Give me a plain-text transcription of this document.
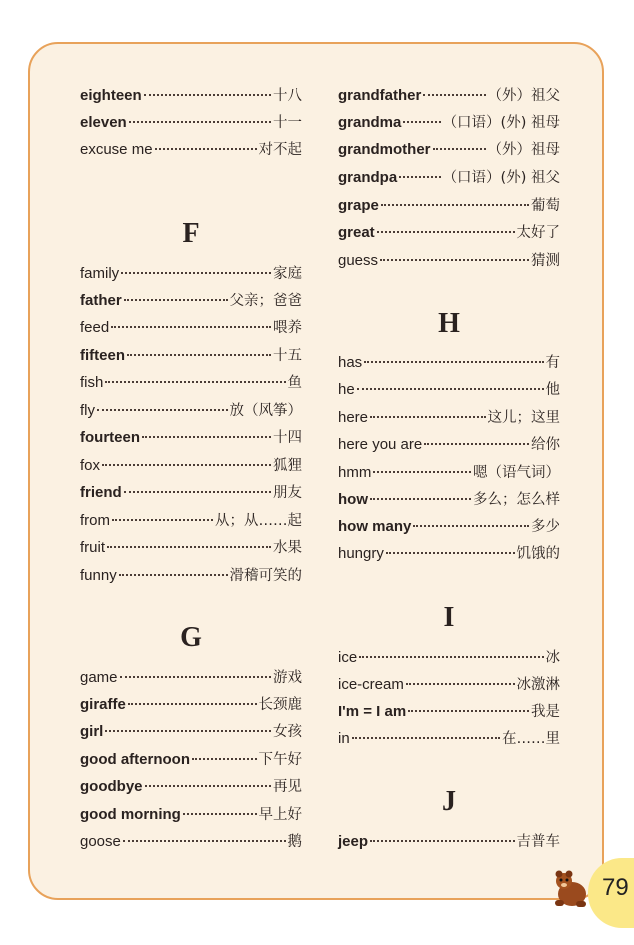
eighteen	十八
eleven	十一
excuse me	对不起
F
family	家庭
father	父亲；爸爸
feed	喂养
fifteen	十五
fish	鱼
fly	放（风筝）
fourteen	十四
fox	狐狸
friend	朋友
from	从；从……起
fruit	水果
funny	滑稽可笑的
G
game	游戏
giraffe	长颈鹿
girl	女孩
good afternoon	下午好
goodbye	再见
good morning	早上好
goose	鹅
grandfather	（外）祖父
grandma	（口语）(外) 祖母
grandmother	（外）祖母
grandpa	（口语）(外) 祖父
grape	葡萄
great	太好了
guess	猜测
H
has	有
he	他
here	这儿；这里
here you are	给你
hmm	嗯（语气词）
how	多么；怎么样
how many	多少
hungry	饥饿的
I
ice	冰
ice-cream	冰激淋
I'm = I am	我是
in	在……里
J
jeep	吉普车
79
